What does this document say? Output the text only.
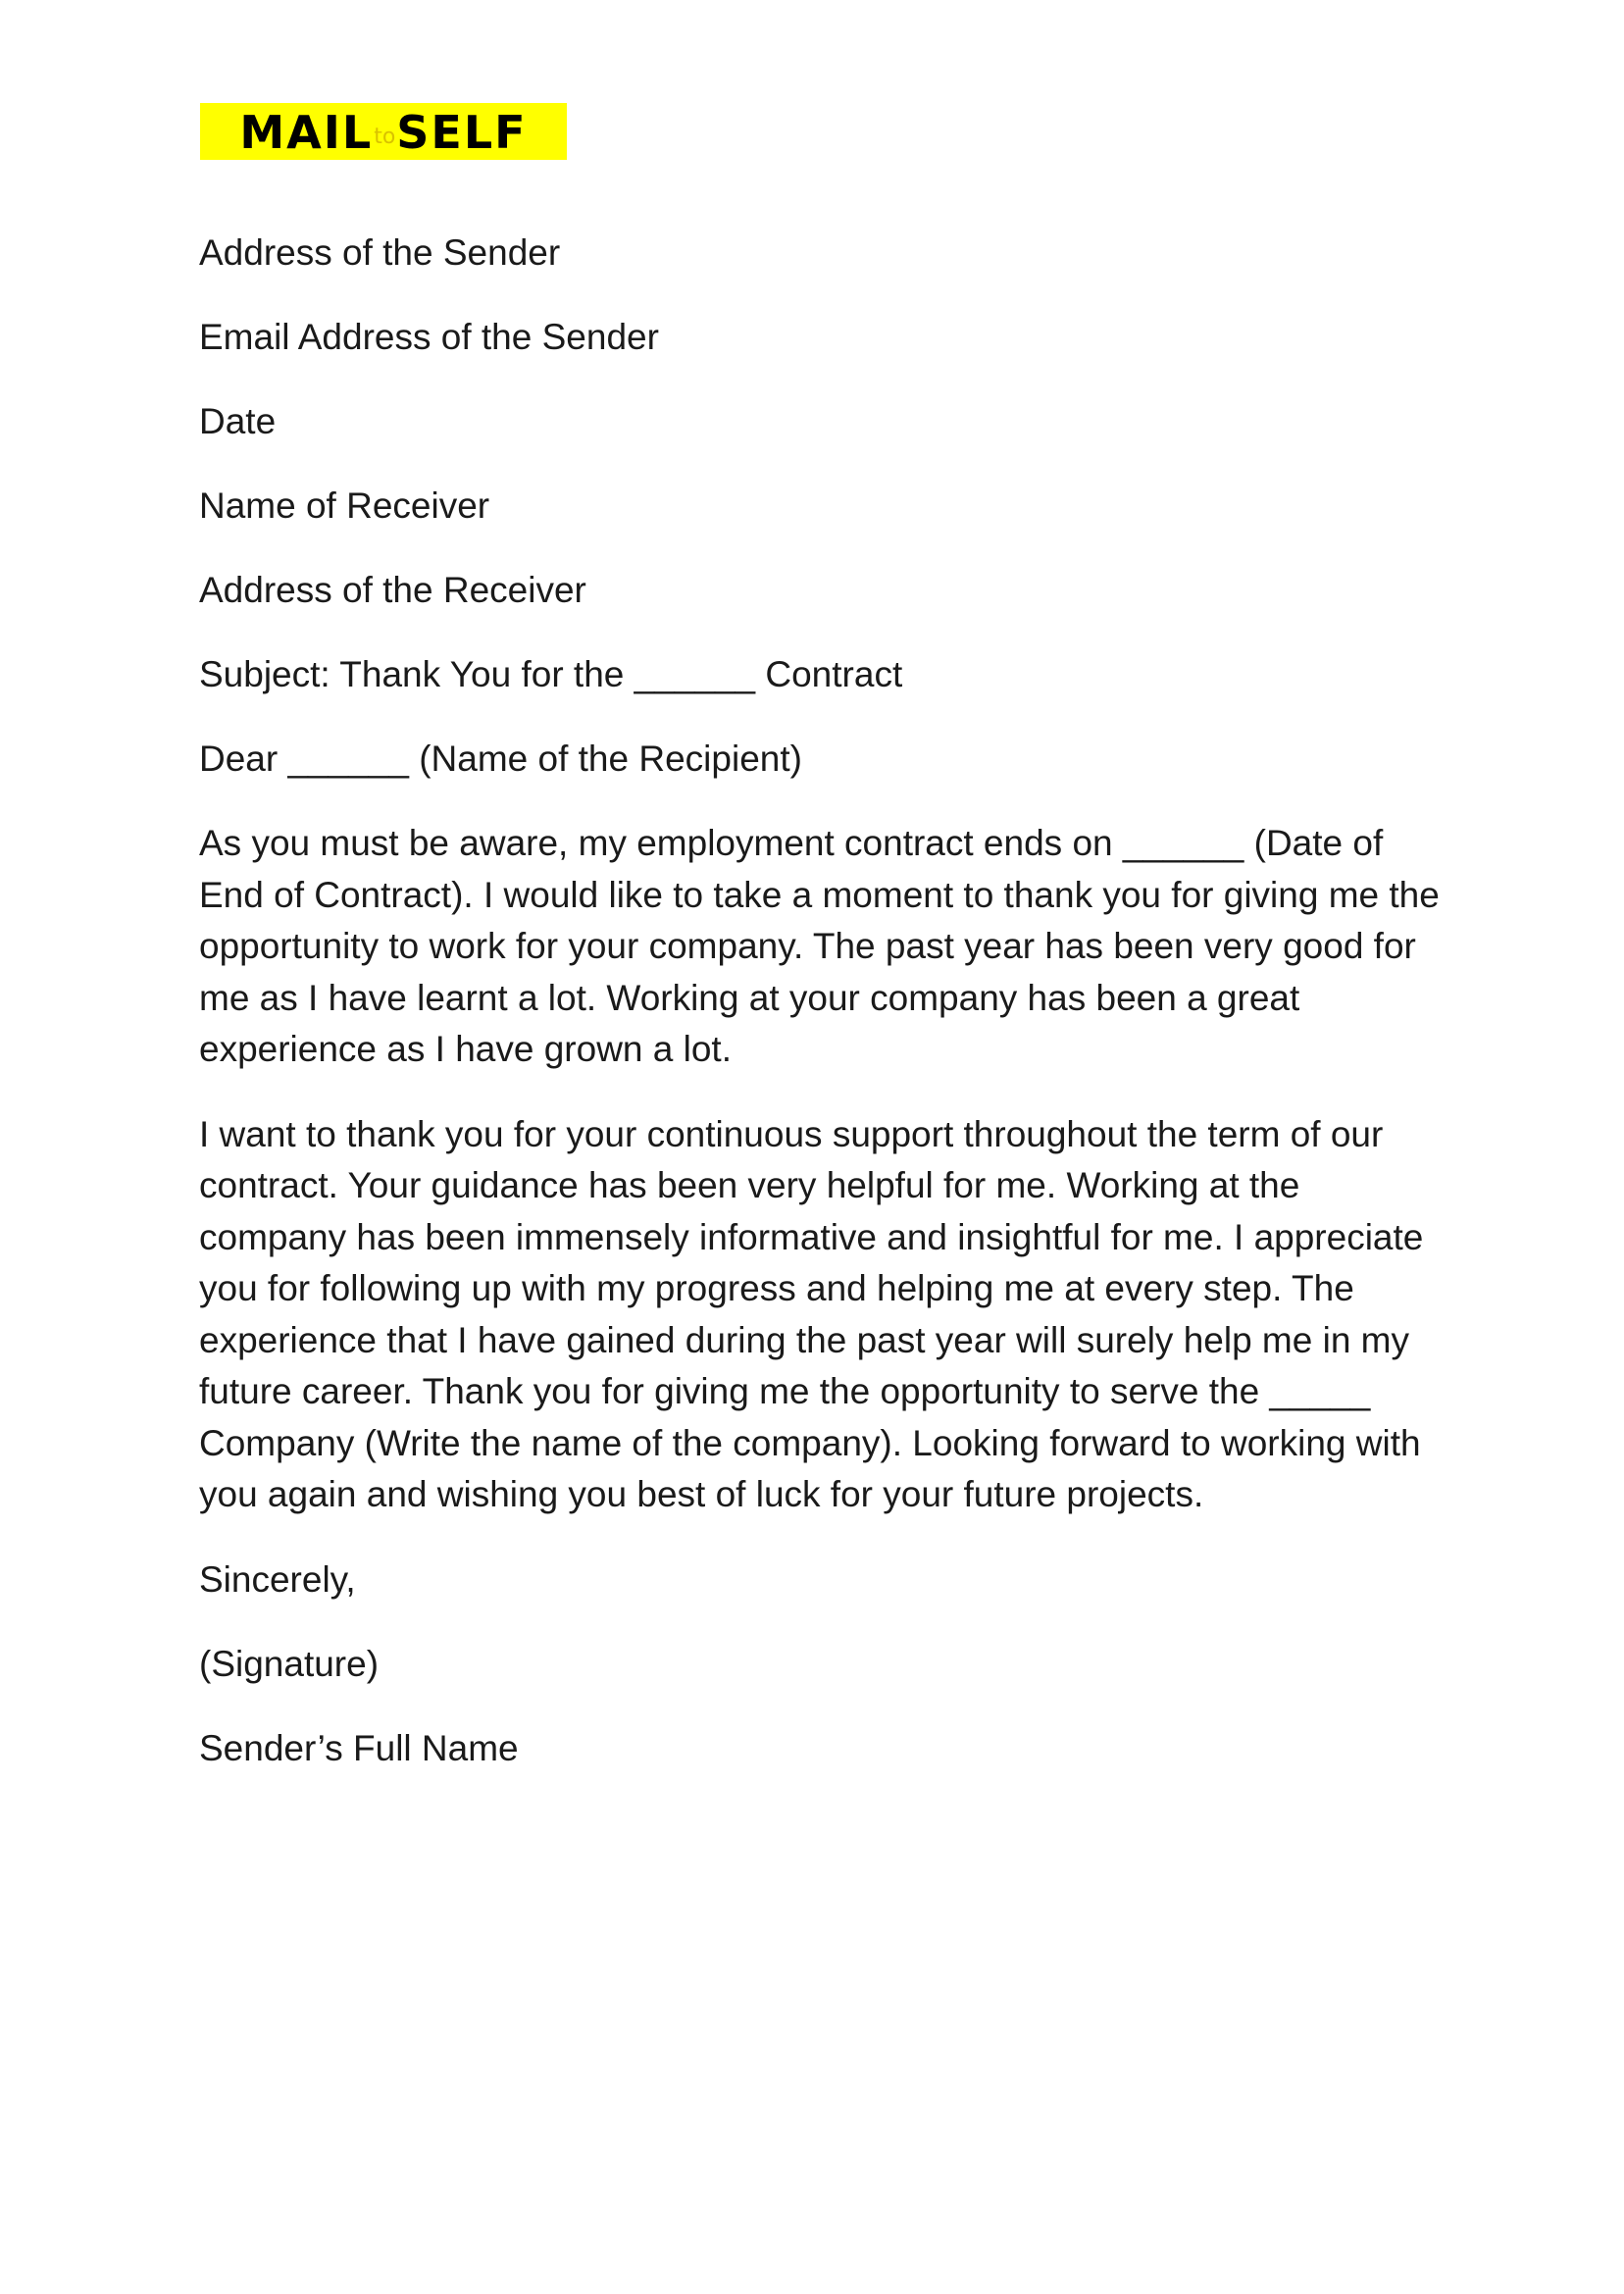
MAIL to SELF

Address of the Sender

Email Address of the Sender

Date

Name of Receiver

Address of the Receiver

Subject: Thank You for the ______ Contract

Dear ______ (Name of the Recipient)

As you must be aware, my employment contract ends on ______ (Date of End of Contract). I would like to take a moment to thank you for giving me the opportunity to work for your company. The past year has been very good for me as I have learnt a lot. Working at your company has been a great experience as I have grown a lot.

I want to thank you for your continuous support throughout the term of our contract. Your guidance has been very helpful for me. Working at the company has been immensely informative and insightful for me. I appreciate you for following up with my progress and helping me at every step. The experience that I have gained during the past year will surely help me in my future career. Thank you for giving me the opportunity to serve the _____ Company (Write the name of the company). Looking forward to working with you again and wishing you best of luck for your future projects.

Sincerely,

(Signature)

Sender’s Full Name
